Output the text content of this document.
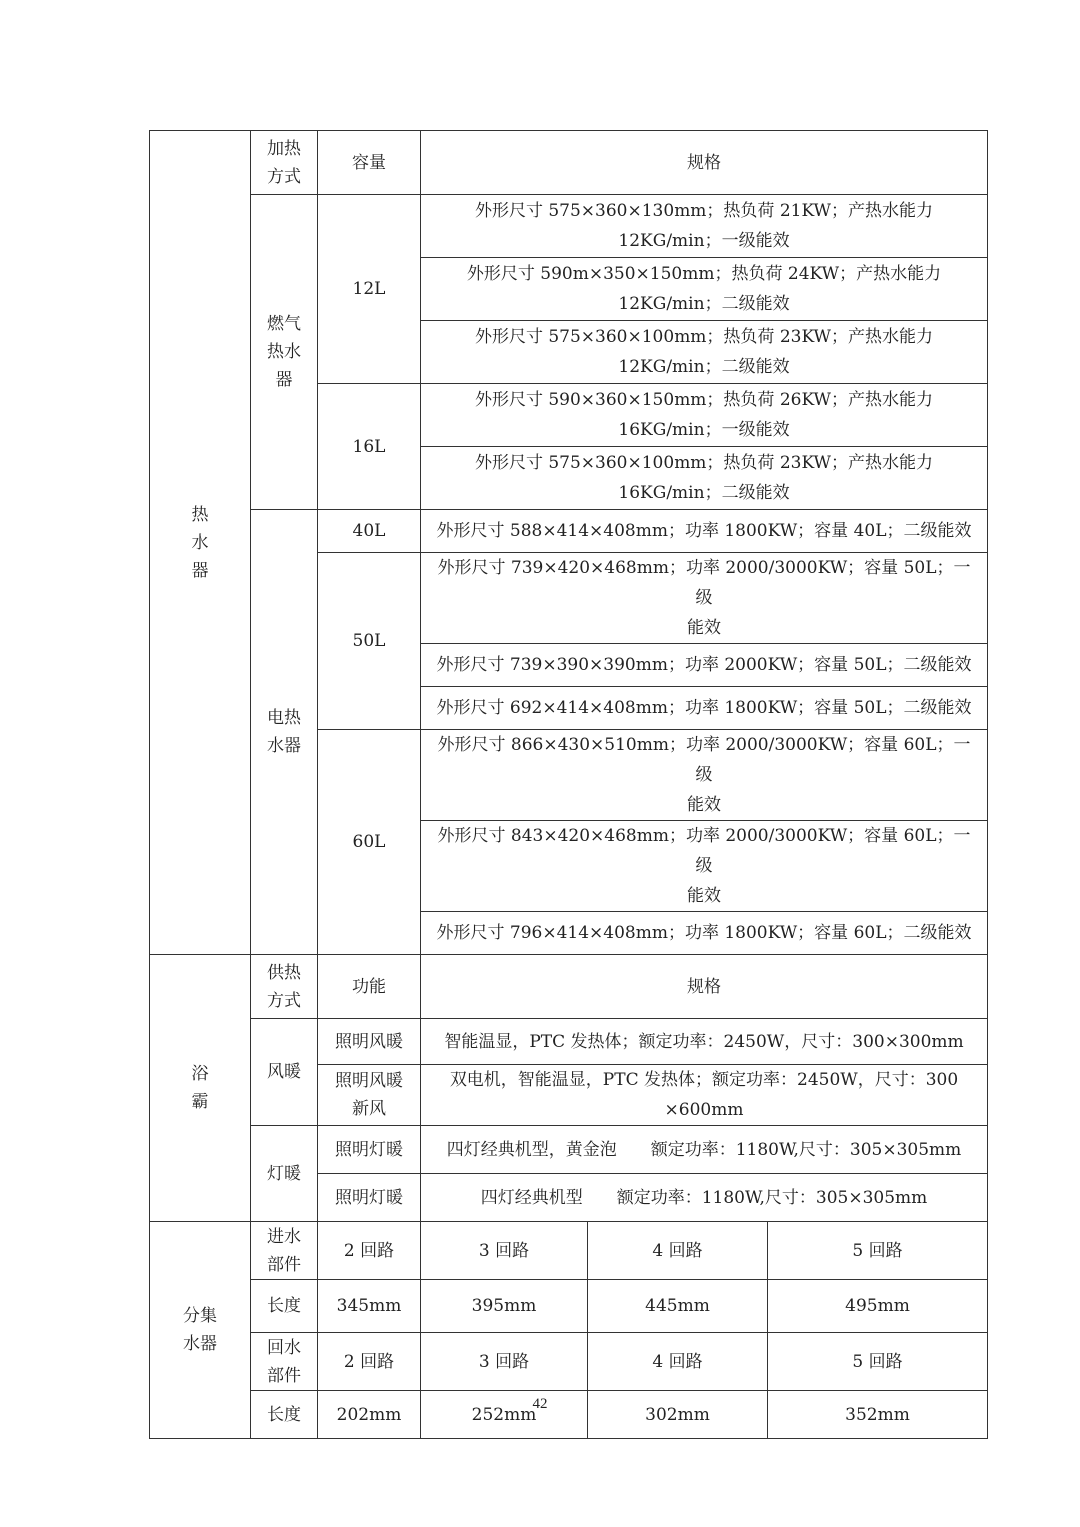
热
水
器	加热
方式	容量	规格		
	燃气
热水
器	12L	外形尺寸 575×360×130mm；热负荷 21KW；产热水能力
12KG/min；一级能效		
			外形尺寸 590m×350×150mm；热负荷 24KW；产热水能力
12KG/min；二级能效		
			外形尺寸 575×360×100mm；热负荷 23KW；产热水能力
12KG/min；二级能效		
		16L	外形尺寸 590×360×150mm；热负荷 26KW；产热水能力
16KG/min；一级能效		
			外形尺寸 575×360×100mm；热负荷 23KW；产热水能力
16KG/min；二级能效		
	电热
水器	40L	外形尺寸 588×414×408mm；功率 1800KW；容量 40L；二级能效		
		50L	外形尺寸 739×420×468mm；功率 2000/3000KW；容量 50L；一级
能效		
			外形尺寸 739×390×390mm；功率 2000KW；容量 50L；二级能效		
			外形尺寸 692×414×408mm；功率 1800KW；容量 50L；二级能效		
		60L	外形尺寸 866×430×510mm；功率 2000/3000KW；容量 60L；一级
能效		
			外形尺寸 843×420×468mm；功率 2000/3000KW；容量 60L；一级
能效		
			外形尺寸 796×414×408mm；功率 1800KW；容量 60L；二级能效		
浴
霸	供热
方式	功能	规格		
	风暖	照明风暖	智能温显，PTC 发热体；额定功率：2450W，尺寸：300×300mm		
		照明风暖
新风	双电机，智能温显，PTC 发热体；额定功率：2450W，尺寸：300
×600mm		
	灯暖	照明灯暖	四灯经典机型，黄金泡　　额定功率：1180W,尺寸：305×305mm		
		照明灯暖	四灯经典机型　　额定功率：1180W,尺寸：305×305mm		
分集
水器	进水
部件	2 回路	3 回路	4 回路	5 回路
	长度	345mm	395mm	445mm	495mm
	回水
部件	2 回路	3 回路	4 回路	5 回路
	长度	202mm	252mm	302mm	352mm
42
